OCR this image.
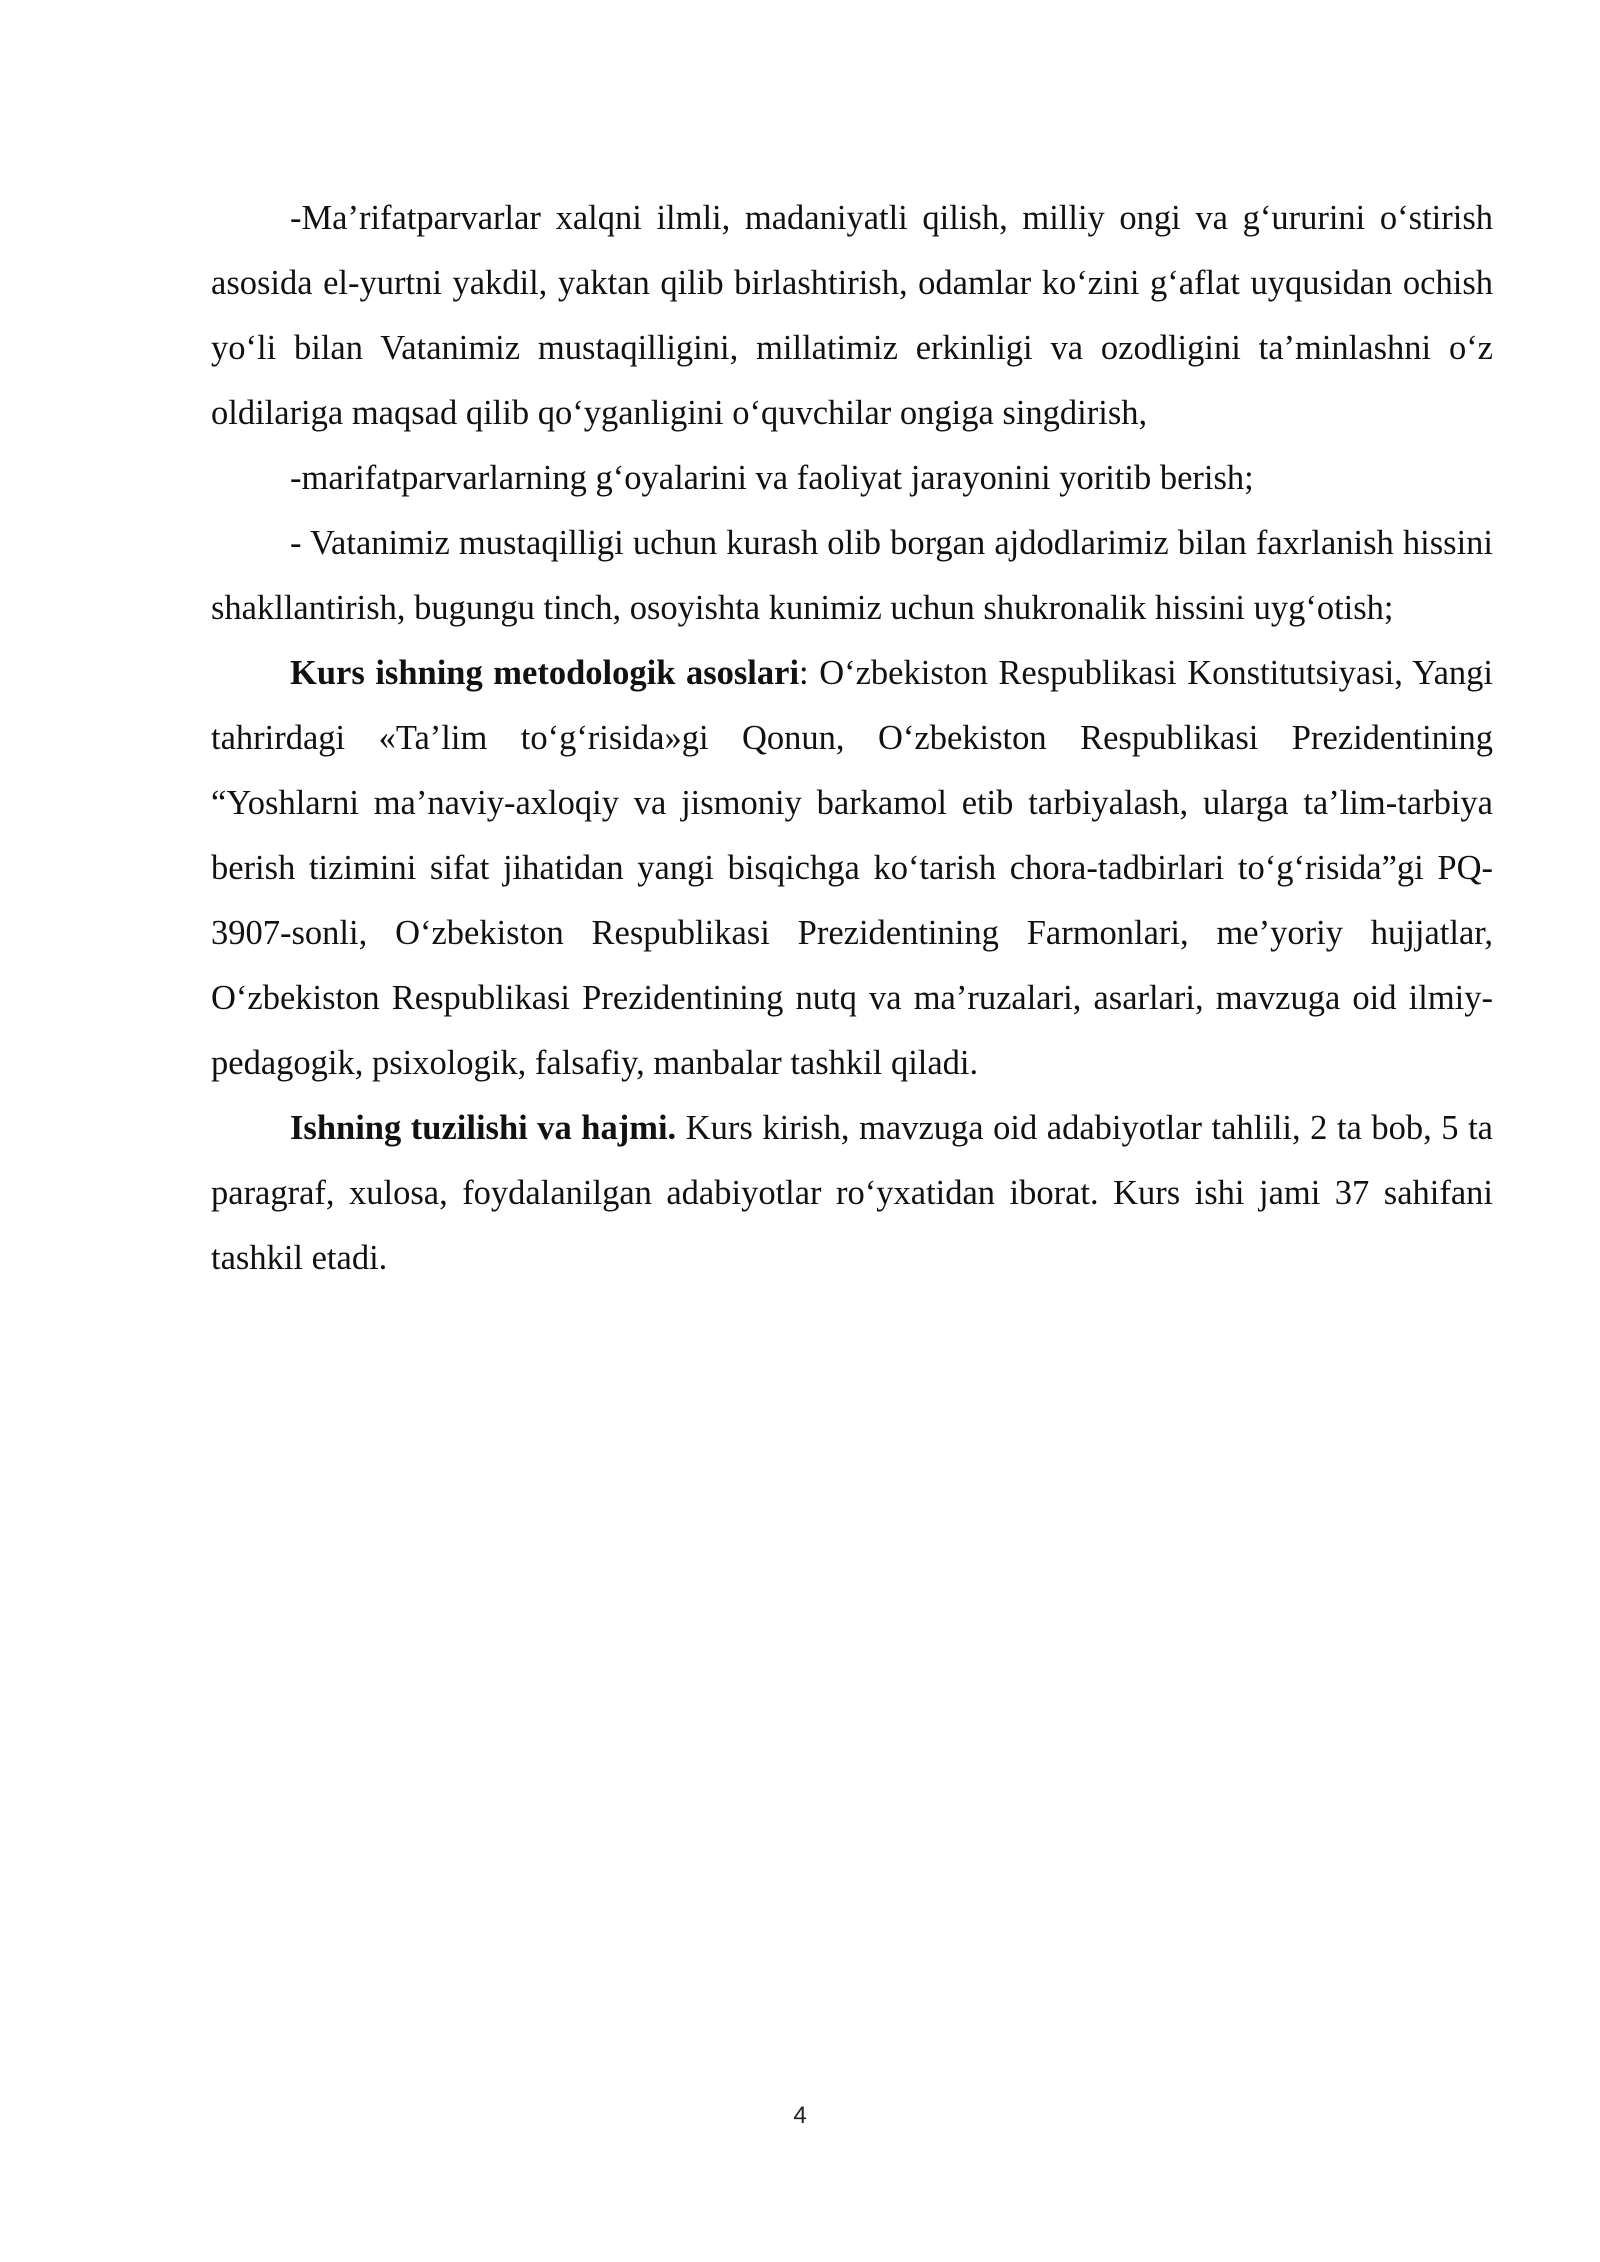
-Ma’rifatparvarlar xalqni ilmli, madaniyatli qilish, milliy ongi va g‘ururini o‘stirish asosida el-yurtni yakdil, yaktan qilib birlashtirish, odamlar ko‘zini g‘aflat uyqusidan ochish yo‘li bilan Vatanimiz mustaqilligini, millatimiz erkinligi va ozodligini ta’minlashni o‘z oldilariga maqsad qilib qo‘yganligini o‘quvchilar ongiga singdirish,

-marifatparvarlarning g‘oyalarini va faoliyat jarayonini yoritib berish;

- Vatanimiz mustaqilligi uchun kurash olib borgan ajdodlarimiz bilan faxrlanish hissini shakllantirish, bugungu tinch, osoyishta kunimiz uchun shukronalik hissini uyg‘otish;

Kurs ishning metodologik asoslari: O‘zbekiston Respublikasi Konstitutsiyasi, Yangi tahrirdagi «Ta’lim to‘g‘risida»gi Qonun, O‘zbekiston Respublikasi Prezidentining “Yoshlarni ma’naviy-axloqiy va jismoniy barkamol etib tarbiyalash, ularga ta’lim-tarbiya berish tizimini sifat jihatidan yangi bisqichga ko‘tarish chora-tadbirlari to‘g‘risida”gi PQ-3907-sonli, O‘zbekiston Respublikasi Prezidentining Farmonlari, me’yoriy hujjatlar, O‘zbekiston Respublikasi Prezidentining nutq va ma’ruzalari, asarlari, mavzuga oid ilmiy-pedagogik, psixologik, falsafiy, manbalar tashkil qiladi.

Ishning tuzilishi va hajmi. Kurs kirish, mavzuga oid adabiyotlar tahlili, 2 ta bob, 5 ta paragraf, xulosa, foydalanilgan adabiyotlar ro‘yxatidan iborat. Kurs ishi jami 37 sahifani tashkil etadi.

4
